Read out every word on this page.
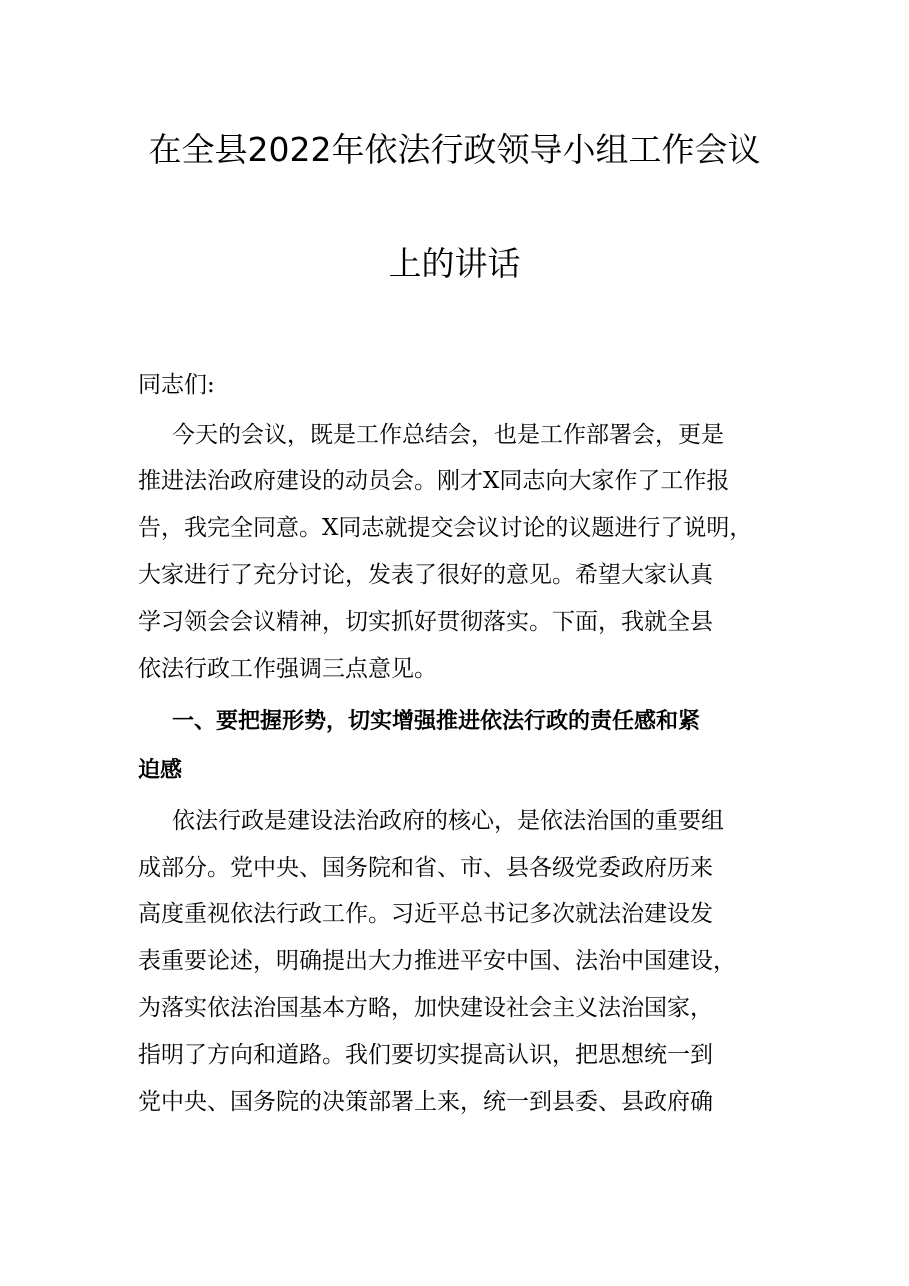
在全县2022年依法行政领导小组工作会议
上的讲话
同志们:
今天的会议，既是工作总结会，也是工作部署会，更是
推进法治政府建设的动员会。刚才X同志向大家作了工作报
告，我完全同意。X同志就提交会议讨论的议题进行了说明，
大家进行了充分讨论，发表了很好的意见。希望大家认真
学习领会会议精神，切实抓好贯彻落实。下面，我就全县
依法行政工作强调三点意见。
一、要把握形势，切实增强推进依法行政的责任感和紧
迫感
依法行政是建设法治政府的核心，是依法治国的重要组
成部分。党中央、国务院和省、市、县各级党委政府历来
高度重视依法行政工作。习近平总书记多次就法治建设发
表重要论述，明确提出大力推进平安中国、法治中国建设，
为落实依法治国基本方略，加快建设社会主义法治国家，
指明了方向和道路。我们要切实提高认识，把思想统一到
党中央、国务院的决策部署上来，统一到县委、县政府确
